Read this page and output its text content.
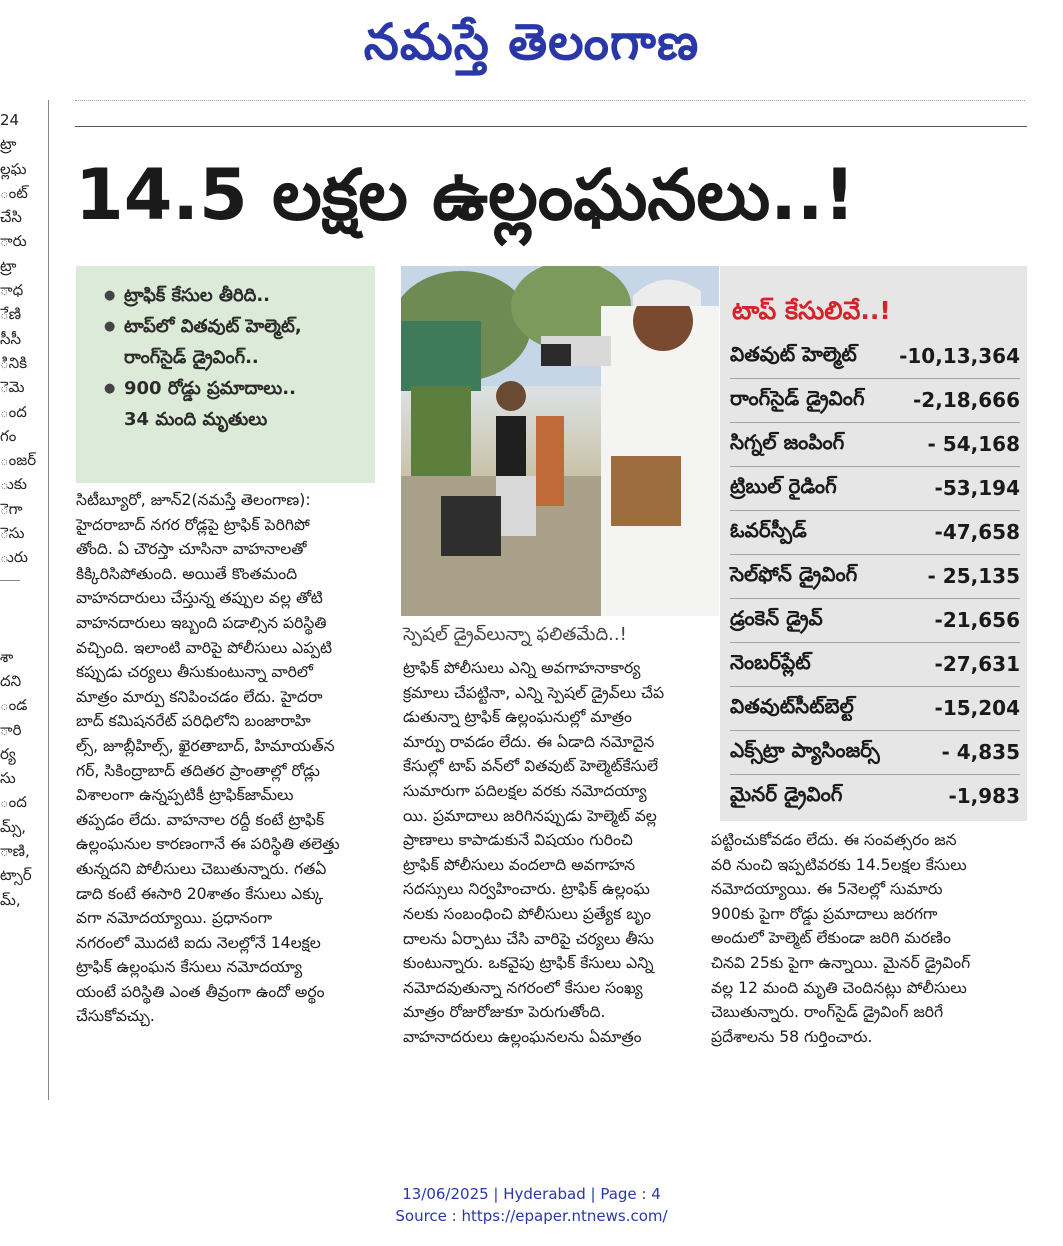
నమస్తే తెలంగాణ
24
ట్రా
ల్లఘ
ంట్
చేసి
ారు
ట్రా
ాధ
ేణి
సీసీ
ినికి
ెమె
ంద
గం
ంజర్
ుకు
ెగా
ెసు
ురు
శా
దని
ండ
ారి
ర్య
సు
ంద
మ్స్,
ాణి,
ట్సార్
మ్,
14.5 లక్షల ఉల్లంఘనలు..!
● ట్రాఫిక్ కేసుల తీరిది..
● టాప్‌లో విత‌వుట్ హెల్మెట్,
రాంగ్‌సైడ్ డ్రైవింగ్..
● 900 రోడ్డు ప్రమాదాలు..
34 మంది మృతులు
స్పెషల్ డ్రైవ్‌లున్నా ఫలితమేది..!
టాప్ కేసులివే..!
విత‌వుట్ హెల్మెట్ -10,13,364
రాంగ్‌సైడ్ డ్రైవింగ్ -2,18,666
సిగ్నల్ జంపింగ్	- 54,168
ట్రిబుల్ రైడింగ్	-53,194
ఓవర్‌స్పీడ్	-47,658
సెల్‌ఫోన్ డ్రైవింగ్	- 25,135
డ్రంకెన్ డ్రైవ్	-21,656
నెంబర్‌ప్లేట్	-27,631
విత‌వుట్‌సీట్‌బెల్ట్	-15,204
ఎక్స్‌ట్రా ప్యాసింజర్స్	- 4,835
మైనర్ డ్రైవింగ్	-1,983

సిటీబ్యూరో, జూన్2(నమస్తే తెలంగాణ):

హైదరాబాద్ నగర రోడ్లపై ట్రాఫిక్ పెరిగిపో

తోంది. ఏ చౌరస్తా చూసినా వాహనాలతో

కిక్కిరిసిపోతుంది. అయితే కొంతమంది

వాహనదారులు చేస్తున్న తప్పుల వల్ల తోటి

వాహనదారులు ఇబ్బంది పడాల్సిన పరిస్థితి

వచ్చింది. ఇలాంటి వారిపై పోలీసులు ఎప్పటి

కప్పుడు చర్యలు తీసుకుంటున్నా వారిలో

మాత్రం మార్పు కనిపించడం లేదు. హైదరా

బాద్ కమిషనరేట్ పరిధిలోని బంజారాహి

ల్స్, జూబ్లీహిల్స్, ఖైరతాబాద్, హిమాయత్‌న

గర్, సికింద్రాబాద్ తదితర ప్రాంతాల్లో రోడ్లు

విశాలంగా ఉన్నప్పటికీ ట్రాఫిక్‌జామ్‌లు

తప్పడం లేదు. వాహనాల రద్దీ కంటే ట్రాఫిక్

ఉల్లంఘనుల కారణంగానే ఈ పరిస్థితి తలెత్తు

తున్నదని పోలీసులు చెబుతున్నారు. గతఏ

డాది కంటే ఈసారి 20శాతం కేసులు ఎక్కు

వగా నమోదయ్యాయి. ప్రధానంగా

నగరంలో మొదటి ఐదు నెలల్లోనే 14లక్షల

ట్రాఫిక్ ఉల్లంఘన కేసులు నమోదయ్యా

యంటే పరిస్థితి ఎంత తీవ్రంగా ఉందో అర్థం

చేసుకోవచ్చు.

ట్రాఫిక్ పోలీసులు ఎన్ని అవగాహనాకార్య

క్రమాలు చేపట్టినా, ఎన్ని స్పెషల్ డ్రైవ్‌లు చేప

డుతున్నా ట్రాఫిక్ ఉల్లంఘనుల్లో మాత్రం

మార్పు రావడం లేదు. ఈ ఏడాది నమోదైన

కేసుల్లో టాప్ వన్‌లో విత‌వుట్ హెల్మెట్‌కేసులే

సుమారుగా పదిలక్షల వరకు నమోదయ్యా

యి. ప్రమాదాలు జరిగినప్పుడు హెల్మెట్ వల్ల

ప్రాణాలు కాపాడుకునే విషయం గురించి

ట్రాఫిక్ పోలీసులు వందలాది అవగాహన

సదస్సులు నిర్వహించారు. ట్రాఫిక్ ఉల్లంఘ

నలకు సంబంధించి పోలీసులు ప్రత్యేక బృం

దాలను ఏర్పాటు చేసి వారిపై చర్యలు తీసు

కుంటున్నారు. ఒకవైపు ట్రాఫిక్ కేసులు ఎన్ని

నమోదవుతున్నా నగరంలో కేసుల సంఖ్య

మాత్రం రోజురోజుకూ పెరుగుతోంది.

వాహనాదరులు ఉల్లంఘనలను ఏమాత్రం

పట్టించుకోవడం లేదు. ఈ సంవత్సరం జన

వరి నుంచి ఇప్పటివరకు 14.5లక్షల కేసులు

నమోదయ్యాయి. ఈ 5నెలల్లో సుమారు

900కు పైగా రోడ్డు ప్రమాదాలు జరగగా

అందులో హెల్మెట్ లేకుండా జరిగి మరణిం

చినవి 25కు పైగా ఉన్నాయి. మైనర్ డ్రైవింగ్

వల్ల 12 మంది మృతి చెందినట్లు పోలీసులు

చెబుతున్నారు. రాంగ్‌సైడ్ డ్రైవింగ్ జరిగే

ప్రదేశాలను 58 గుర్తించారు.

13/06/2025 | Hyderabad | Page : 4
Source : https://epaper.ntnews.com/
